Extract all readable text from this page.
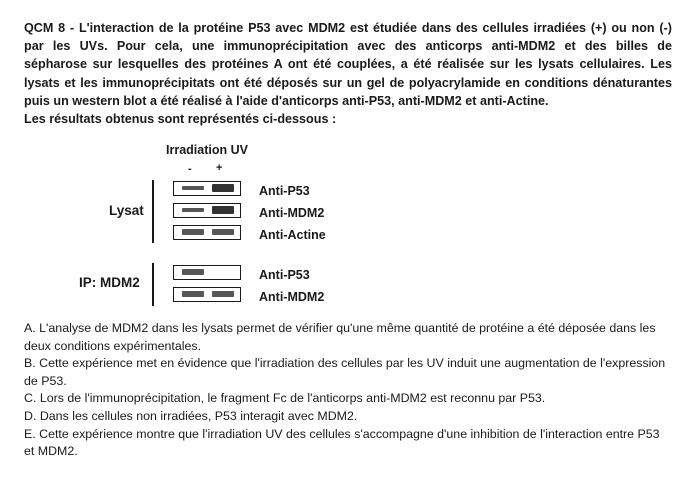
QCM 8 - L'interaction de la protéine P53 avec MDM2 est étudiée dans des cellules irradiées (+) ou non (-)
par les UVs. Pour cela, une immunoprécipitation avec des anticorps anti-MDM2 et des billes de
sépharose sur lesquelles des protéines A ont été couplées, a été réalisée sur les lysats cellulaires. Les
lysats et les immunoprécipitats ont été déposés sur un gel de polyacrylamide en conditions dénaturantes
puis un western blot a été réalisé à l'aide d'anticorps anti-P53, anti-MDM2 et anti-Actine.
Les résultats obtenus sont représentés ci-dessous :
Irradiation UV
- +
Lysat
Anti-P53
Anti-MDM2
Anti-Actine
IP: MDM2	Anti-P53
Anti-MDM2
A. L'analyse de MDM2 dans les lysats permet de vérifier qu'une même quantité de protéine a été déposée dans les deux conditions expérimentales.
B. Cette expérience met en évidence que l'irradiation des cellules par les UV induit une augmentation de l'expression de P53.
C. Lors de l'immunoprécipitation, le fragment Fc de l'anticorps anti-MDM2 est reconnu par P53.
D. Dans les cellules non irradiées, P53 interagit avec MDM2.
E. Cette expérience montre que l'irradiation UV des cellules s'accompagne d'une inhibition de l'interaction entre P53 et MDM2.
